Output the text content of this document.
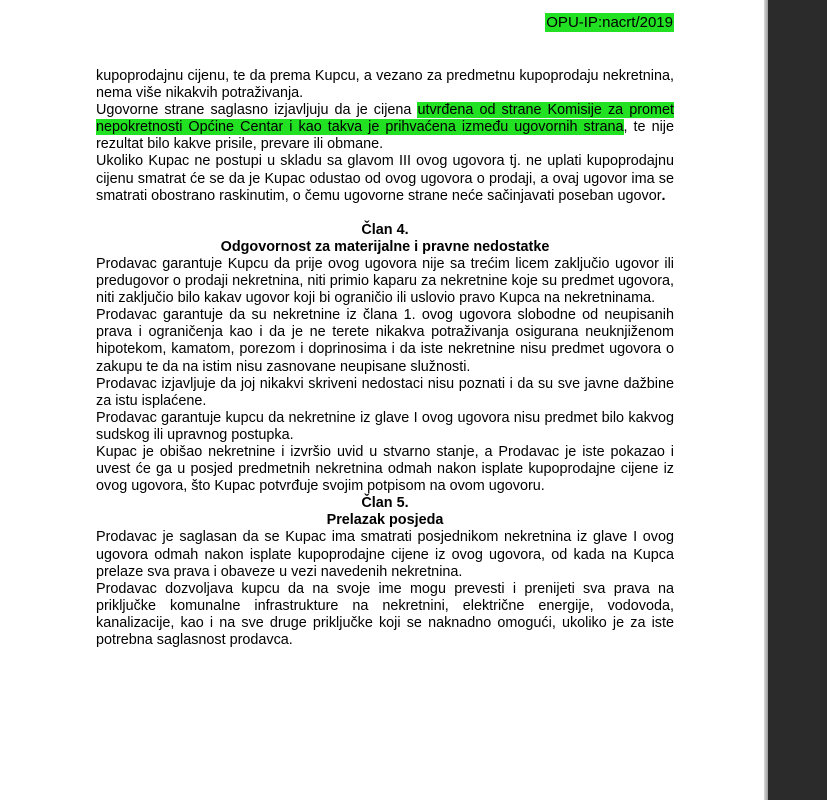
OPU-IP:nacrt/2019

kupoprodajnu cijenu, te da prema Kupcu, a vezano za predmetnu kupoprodaju nekretnina, nema više nikakvih potraživanja.

Ugovorne strane saglasno izjavljuju da je cijena utvrđena od strane Komisije za promet nepokretnosti Općine Centar i kao takva je prihvaćena između ugovornih strana, te nije rezultat bilo kakve prisile, prevare ili obmane.

Ukoliko Kupac ne postupi u skladu sa glavom III ovog ugovora tj. ne uplati kupoprodajnu cijenu smatrat će se da je Kupac odustao od ovog ugovora o prodaji, a ovaj ugovor ima se smatrati obostrano raskinutim, o čemu ugovorne strane neće sačinjavati poseban ugovor.

Član 4.

Odgovornost za materijalne i pravne nedostatke

Prodavac garantuje Kupcu da prije ovog ugovora nije sa trećim licem zaključio ugovor ili predugovor o prodaji nekretnina, niti primio kaparu za nekretnine koje su predmet ugovora, niti zaključio bilo kakav ugovor koji bi ograničio ili uslovio pravo Kupca na nekretninama.

Prodavac garantuje da su nekretnine iz člana 1. ovog ugovora slobodne od neupisanih prava i ograničenja kao i da je ne terete nikakva potraživanja osigurana neuknjiženom hipotekom, kamatom, porezom i doprinosima i da iste nekretnine nisu predmet ugovora o zakupu te da na istim nisu zasnovane neupisane služnosti.

Prodavac izjavljuje da joj nikakvi skriveni nedostaci nisu poznati i da su sve javne dažbine za istu isplaćene.

Prodavac garantuje kupcu da nekretnine iz glave I ovog ugovora nisu predmet bilo kakvog sudskog ili upravnog postupka.

Kupac je obišao nekretnine i izvršio uvid u stvarno stanje, a Prodavac je iste pokazao i uvest će ga u posjed predmetnih nekretnina odmah nakon isplate kupoprodajne cijene iz ovog ugovora, što Kupac potvrđuje svojim potpisom na ovom ugovoru.

Član 5.

Prelazak posjeda

Prodavac je saglasan da se Kupac ima smatrati posjednikom nekretnina iz glave I ovog ugovora odmah nakon isplate kupoprodajne cijene iz ovog ugovora, od kada na Kupca prelaze sva prava i obaveze u vezi navedenih nekretnina.

Prodavac dozvoljava kupcu da na svoje ime mogu prevesti i prenijeti sva prava na priključke komunalne infrastrukture na nekretnini, električne energije, vodovoda, kanalizacije, kao i na sve druge priključke koji se naknadno omogući, ukoliko je za iste potrebna saglasnost prodavca.
